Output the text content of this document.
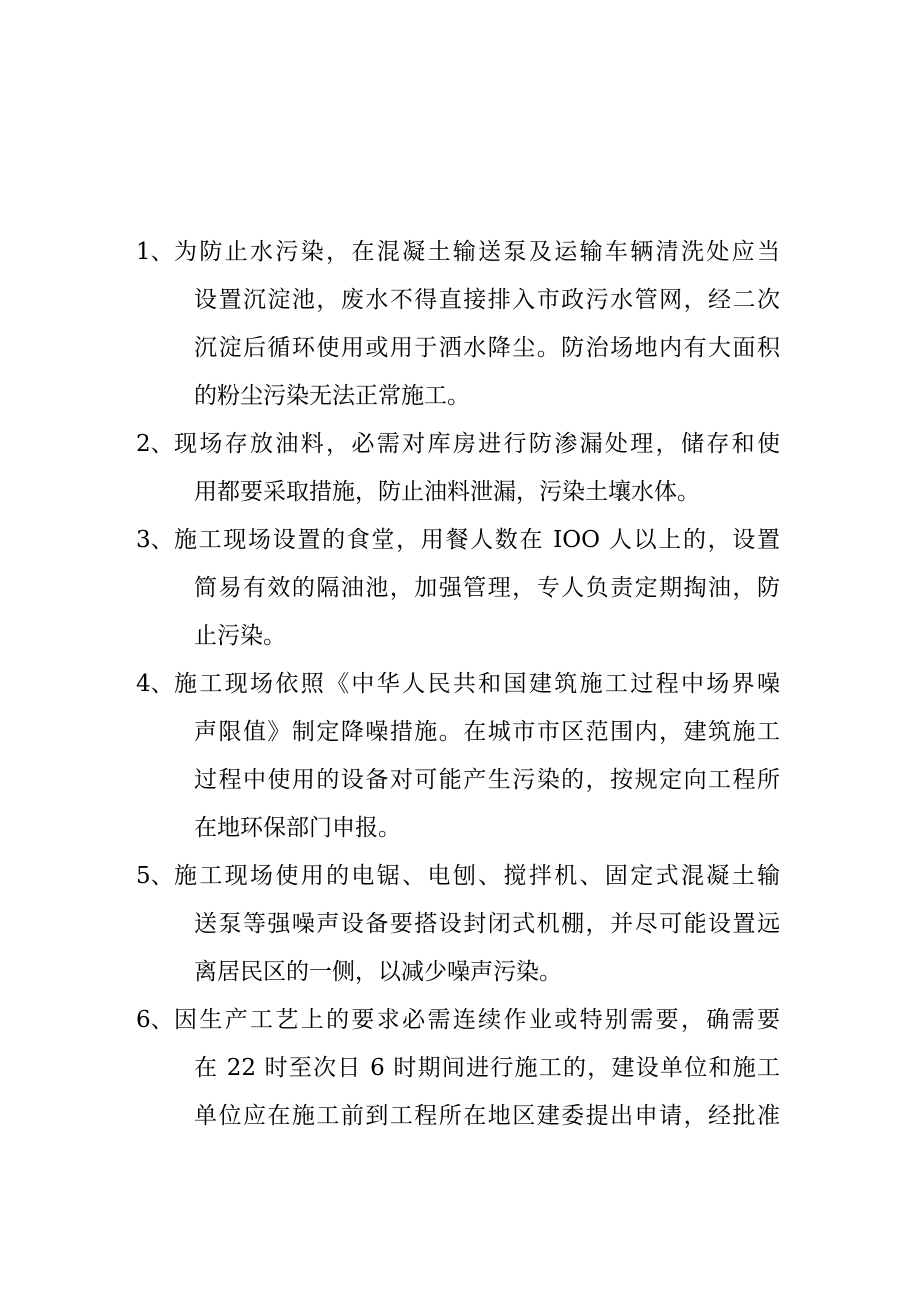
1、 为防止水污染，在混凝土输送泵及运输车辆清洗处应当
设置沉淀池，废水不得直接排入市政污水管网，经二次
沉淀后循环使用或用于洒水降尘。防治场地内有大面积
的粉尘污染无法正常施工。
2、 现场存放油料，必需对库房进行防渗漏处理，储存和使
用都要采取措施，防止油料泄漏，污染土壤水体。
3、 施工现场设置的食堂，用餐人数在 IOO 人以上的，设置
简易有效的隔油池，加强管理，专人负责定期掏油，防
止污染。
4、 施工现场依照《中华人民共和国建筑施工过程中场界噪
声限值》制定降噪措施。在城市市区范围内，建筑施工
过程中使用的设备对可能产生污染的，按规定向工程所
在地环保部门申报。
5、 施工现场使用的电锯、电刨、搅拌机、固定式混凝土输
送泵等强噪声设备要搭设封闭式机棚，并尽可能设置远
离居民区的一侧，以减少噪声污染。
6、 因生产工艺上的要求必需连续作业或特别需要，确需要
在 22 时至次日 6 时期间进行施工的，建设单位和施工
单位应在施工前到工程所在地区建委提出申请，经批准
